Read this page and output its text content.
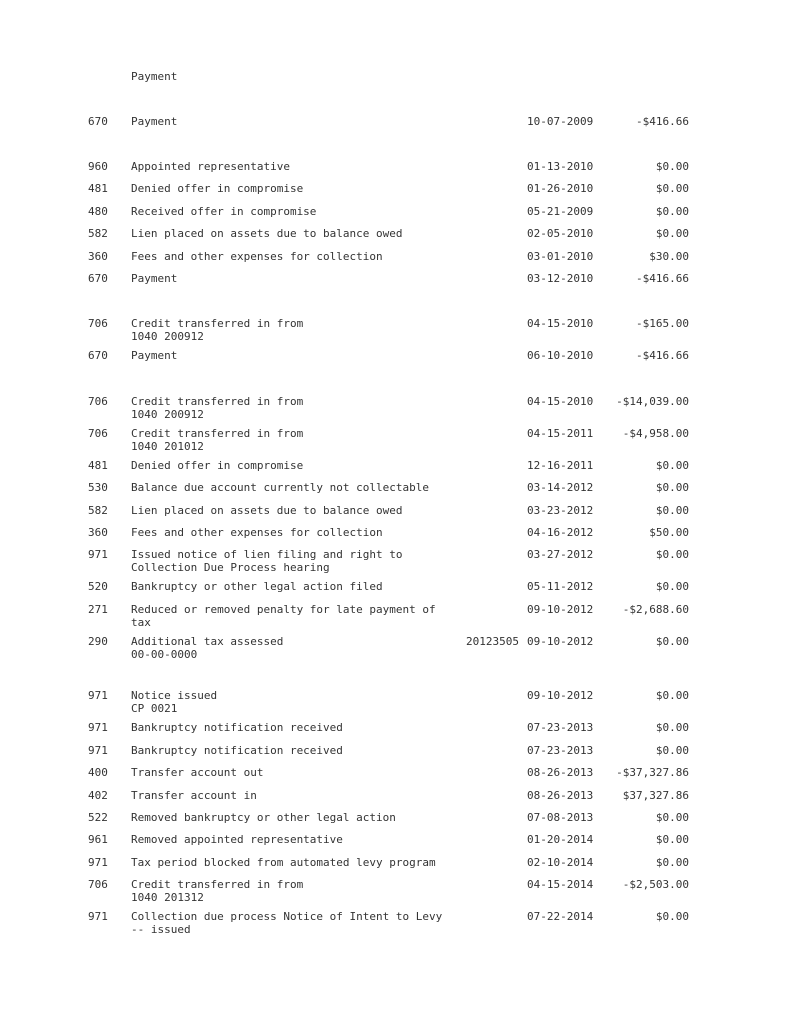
Payment
670 Payment	10-07-2009	-$416.66
960 Appointed representative	01-13-2010	$0.00
481 Denied offer in compromise	01-26-2010	$0.00
480 Received offer in compromise	05-21-2009	$0.00
582 Lien placed on assets due to balance owed	02-05-2010	$0.00
360 Fees and other expenses for collection	03-01-2010	$30.00
670 Payment	03-12-2010	-$416.66
706 Credit transferred in from
1040 200912
04-15-2010	-$165.00
670 Payment	06-10-2010	-$416.66
706 Credit transferred in from
1040 200912
04-15-2010 -$14,039.00
706 Credit transferred in from
1040 201012
04-15-2011	-$4,958.00
481 Denied offer in compromise	12-16-2011	$0.00
530 Balance due account currently not collectable	03-14-2012	$0.00
582 Lien placed on assets due to balance owed	03-23-2012	$0.00
360 Fees and other expenses for collection	04-16-2012	$50.00
971 Issued notice of lien filing and right to
Collection Due Process hearing
03-27-2012	$0.00
520 Bankruptcy or other legal action filed	05-11-2012	$0.00
271 Reduced or removed penalty for late payment of
tax
09-10-2012	-$2,688.60
290 Additional tax assessed
00-00-0000
20123505 09-10-2012	$0.00
971 Notice issued
CP 0021
09-10-2012	$0.00
971 Bankruptcy notification received	07-23-2013	$0.00
971 Bankruptcy notification received	07-23-2013	$0.00
400 Transfer account out	08-26-2013 -$37,327.86
402 Transfer account in	08-26-2013	$37,327.86
522 Removed bankruptcy or other legal action	07-08-2013	$0.00
961 Removed appointed representative	01-20-2014	$0.00
971 Tax period blocked from automated levy program	02-10-2014	$0.00
706 Credit transferred in from
1040 201312
04-15-2014	-$2,503.00
971 Collection due process Notice of Intent to Levy
-- issued
07-22-2014	$0.00
